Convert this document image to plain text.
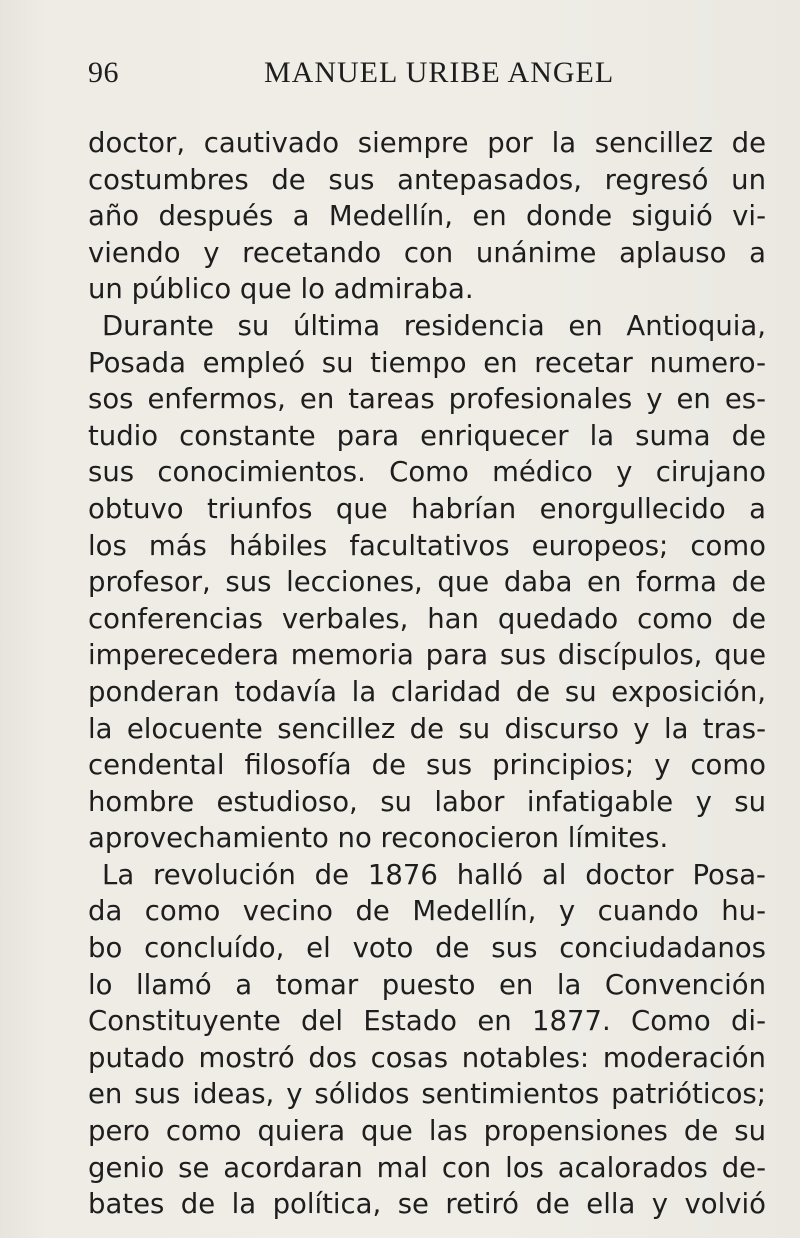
96	MANUEL URIBE ANGEL
doctor, cautivado siempre por la sencillez de
costumbres de sus antepasados, regresó un
año después a Medellín, en donde siguió vi-
viendo y recetando con unánime aplauso a
un público que lo admiraba.
Durante su última residencia en Antioquia,
Posada empleó su tiempo en recetar numero-
sos enfermos, en tareas profesionales y en es-
tudio constante para enriquecer la suma de
sus conocimientos. Como médico y cirujano
obtuvo triunfos que habrían enorgullecido a
los más hábiles facultativos europeos; como
profesor, sus lecciones, que daba en forma de
conferencias verbales, han quedado como de
imperecedera memoria para sus discípulos, que
ponderan todavía la claridad de su exposición,
la elocuente sencillez de su discurso y la tras-
cendental filosofía de sus principios; y como
hombre estudioso, su labor infatigable y su
aprovechamiento no reconocieron límites.
La revolución de 1876 halló al doctor Posa-
da como vecino de Medellín, y cuando hu-
bo concluído, el voto de sus conciudadanos
lo llamó a tomar puesto en la Convención
Constituyente del Estado en 1877. Como di-
putado mostró dos cosas notables: moderación
en sus ideas, y sólidos sentimientos patrióticos;
pero como quiera que las propensiones de su
genio se acordaran mal con los acalorados de-
bates de la política, se retiró de ella y volvió
